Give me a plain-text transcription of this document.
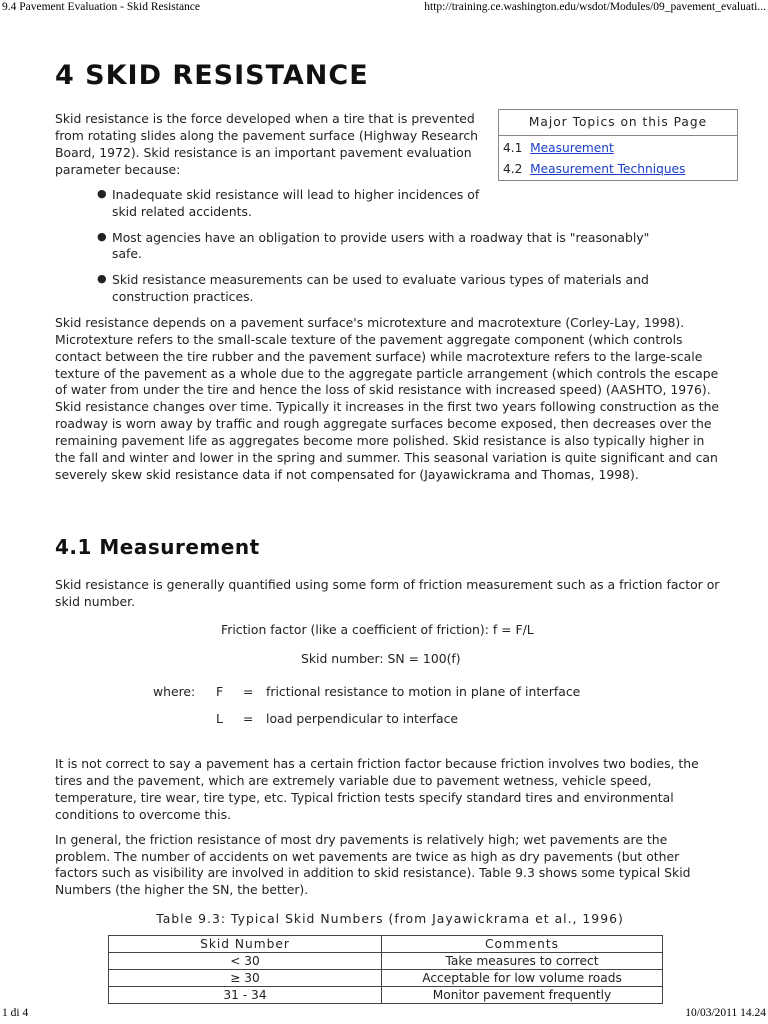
9.4 Pavement Evaluation - Skid Resistance	http://training.ce.washington.edu/wsdot/Modules/09_pavement_evaluati...
4 SKID RESISTANCE
Major Topics on this Page
4.1 Measurement
4.2 Measurement Techniques

Skid resistance is the force developed when a tire that is prevented from rotating slides along the pavement surface (Highway Research Board, 1972). Skid resistance is an important pavement evaluation parameter because:

● Inadequate skid resistance will lead to higher incidences of skid related accidents.
● Most agencies have an obligation to provide users with a roadway that is "reasonably" safe.
● Skid resistance measurements can be used to evaluate various types of materials and construction practices.

Skid resistance depends on a pavement surface's microtexture and macrotexture (Corley-Lay, 1998). Microtexture refers to the small-scale texture of the pavement aggregate component (which controls contact between the tire rubber and the pavement surface) while macrotexture refers to the large-scale texture of the pavement as a whole due to the aggregate particle arrangement (which controls the escape of water from under the tire and hence the loss of skid resistance with increased speed) (AASHTO, 1976). Skid resistance changes over time. Typically it increases in the first two years following construction as the roadway is worn away by traffic and rough aggregate surfaces become exposed, then decreases over the remaining pavement life as aggregates become more polished. Skid resistance is also typically higher in the fall and winter and lower in the spring and summer. This seasonal variation is quite significant and can severely skew skid resistance data if not compensated for (Jayawickrama and Thomas, 1998).

4.1 Measurement

Skid resistance is generally quantified using some form of friction measurement such as a friction factor or skid number.

Friction factor (like a coefficient of friction): f = F/L
Skid number: SN = 100(f)
where: F = frictional resistance to motion in plane of interface
L = load perpendicular to interface

It is not correct to say a pavement has a certain friction factor because friction involves two bodies, the tires and the pavement, which are extremely variable due to pavement wetness, vehicle speed, temperature, tire wear, tire type, etc. Typical friction tests specify standard tires and environmental conditions to overcome this.

In general, the friction resistance of most dry pavements is relatively high; wet pavements are the problem. The number of accidents on wet pavements are twice as high as dry pavements (but other factors such as visibility are involved in addition to skid resistance). Table 9.3 shows some typical Skid Numbers (the higher the SN, the better).

Table 9.3: Typical Skid Numbers (from Jayawickrama et al., 1996)
Skid Number	Comments
< 30	Take measures to correct
≥ 30	Acceptable for low volume roads
31 - 34	Monitor pavement frequently
1 di 4	10/03/2011 14.24
